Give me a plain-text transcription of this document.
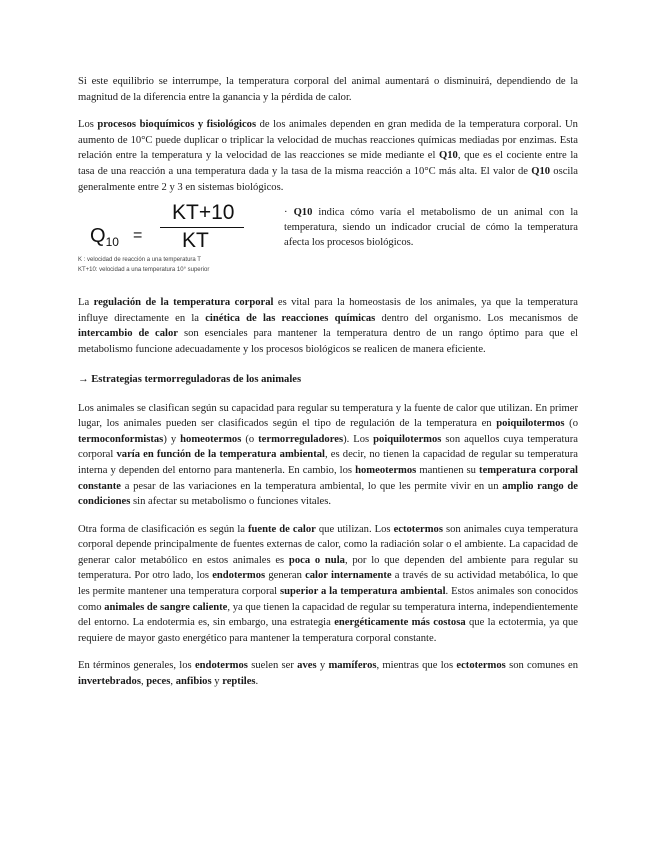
Si este equilibrio se interrumpe, la temperatura corporal del animal aumentará o disminuirá, dependiendo de la magnitud de la diferencia entre la ganancia y la pérdida de calor.

Los procesos bioquímicos y fisiológicos de los animales dependen en gran medida de la temperatura corporal. Un aumento de 10°C puede duplicar o triplicar la velocidad de muchas reacciones químicas mediadas por enzimas. Esta relación entre la temperatura y la velocidad de las reacciones se mide mediante el Q10, que es el cociente entre la tasa de una reacción a una temperatura dada y la tasa de la misma reacción a 10°C más alta. El valor de Q10 oscila generalmente entre 2 y 3 en sistemas biológicos.

$Q_{10}$ =
KT+10
KT
K : velocidad de reacción a una temperatura T
KT+10: velocidad a una temperatura 10° superior

· Q10 indica cómo varía el metabolismo de un animal con la temperatura, siendo un indicador crucial de cómo la temperatura afecta los procesos biológicos.

La regulación de la temperatura corporal es vital para la homeostasis de los animales, ya que la temperatura influye directamente en la cinética de las reacciones químicas dentro del organismo. Los mecanismos de intercambio de calor son esenciales para mantener la temperatura dentro de un rango óptimo para que el metabolismo funcione adecuadamente y los procesos biológicos se realicen de manera eficiente.

→ Estrategias termorreguladoras de los animales

Los animales se clasifican según su capacidad para regular su temperatura y la fuente de calor que utilizan. En primer lugar, los animales pueden ser clasificados según el tipo de regulación de la temperatura en poiquilotermos (o termoconformistas) y homeotermos (o termorreguladores). Los poiquilotermos son aquellos cuya temperatura corporal varía en función de la temperatura ambiental, es decir, no tienen la capacidad de regular su temperatura interna y dependen del entorno para mantenerla. En cambio, los homeotermos mantienen su temperatura corporal constante a pesar de las variaciones en la temperatura ambiental, lo que les permite vivir en un amplio rango de condiciones sin afectar su metabolismo o funciones vitales.

Otra forma de clasificación es según la fuente de calor que utilizan. Los ectotermos son animales cuya temperatura corporal depende principalmente de fuentes externas de calor, como la radiación solar o el ambiente. La capacidad de generar calor metabólico en estos animales es poca o nula, por lo que dependen del ambiente para regular su temperatura. Por otro lado, los endotermos generan calor internamente a través de su actividad metabólica, lo que les permite mantener una temperatura corporal superior a la temperatura ambiental. Estos animales son conocidos como animales de sangre caliente, ya que tienen la capacidad de regular su temperatura interna, independientemente del entorno. La endotermia es, sin embargo, una estrategia energéticamente más costosa que la ectotermia, ya que requiere de mayor gasto energético para mantener la temperatura corporal constante.

En términos generales, los endotermos suelen ser aves y mamíferos, mientras que los ectotermos son comunes en invertebrados, peces, anfibios y reptiles.
